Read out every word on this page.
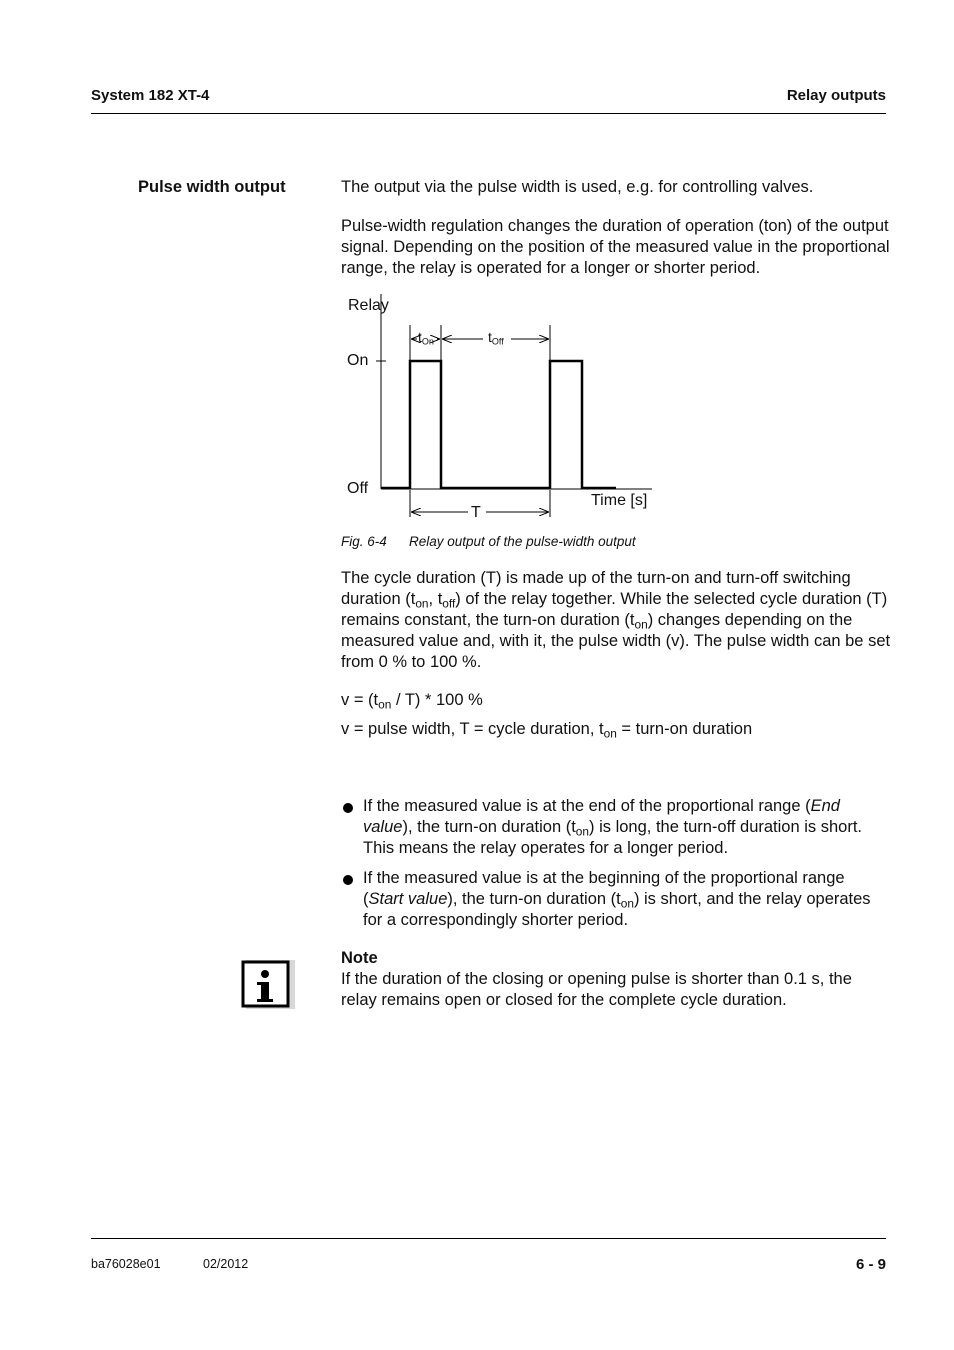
System 182 XT-4	Relay outputs
Pulse width output	The output via the pulse width is used, e.g. for controlling valves.

Pulse-width regulation changes the duration of operation (ton) of the output signal. Depending on the position of the measured value in the proportional range, the relay is operated for a longer or shorter period.

Relay
On
Off
Time [s]
T
$t_{On}$	$t_{Off}$
Fig. 6-4 Relay output of the pulse-width output

The cycle duration (T) is made up of the turn-on and turn-off switching duration ($t_{on}$, $t_{off}$) of the relay together. While the selected cycle duration (T) remains constant, the turn-on duration $(t_{on})$ changes depending on the measured value and, with it, the pulse width (v). The pulse width can be set from 0 % to 100 %.

$v = (t_{on} / T) * 100$ %
v = pulse width, T = cycle duration, $t_{on}$ = turn-on duration
If the measured value is at the end of the proportional range (End value), the turn-on duration $(t_{on})$ is long, the turn-off duration is short. This means the relay operates for a longer period.
If the measured value is at the beginning of the proportional range (Start value), the turn-on duration $(t_{on})$ is short, and the relay operates for a correspondingly shorter period.
Note

If the duration of the closing or opening pulse is shorter than 0.1 s, the relay remains open or closed for the complete cycle duration.

ba76028e01	02/2012	6 - 9
